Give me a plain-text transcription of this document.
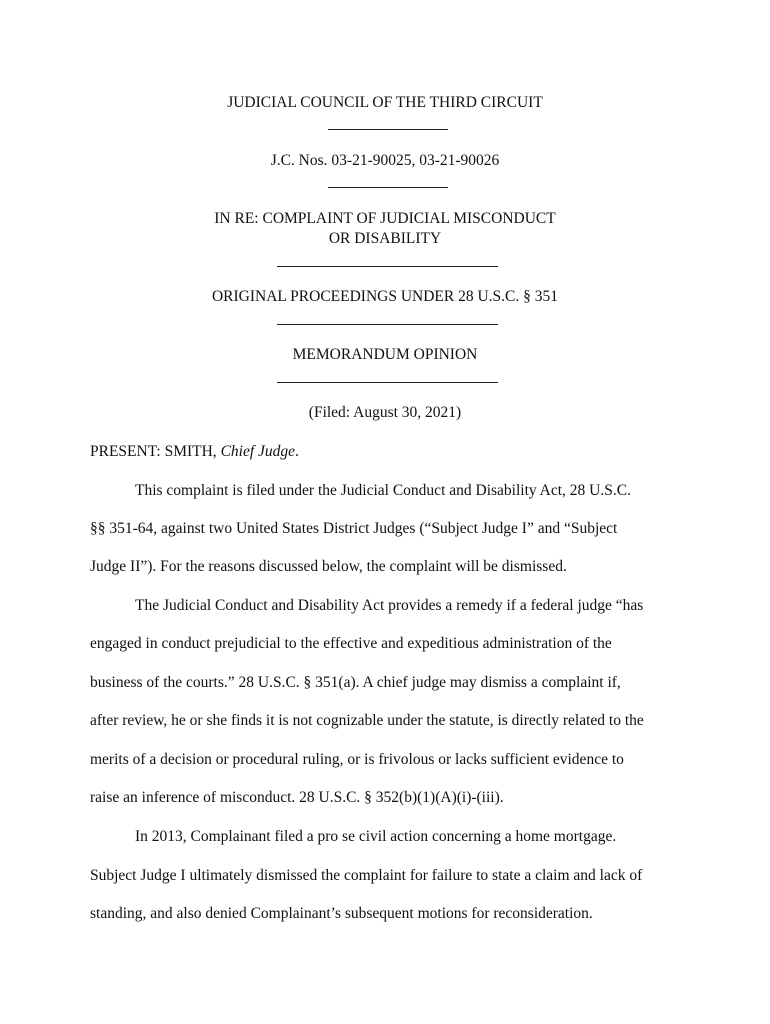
JUDICIAL COUNCIL OF THE THIRD CIRCUIT
J.C. Nos. 03-21-90025, 03-21-90026
IN RE: COMPLAINT OF JUDICIAL MISCONDUCT
OR DISABILITY
ORIGINAL PROCEEDINGS UNDER 28 U.S.C. § 351
MEMORANDUM OPINION
(Filed: August 30, 2021)
PRESENT: SMITH, Chief Judge.
This complaint is filed under the Judicial Conduct and Disability Act, 28 U.S.C.
§§ 351-64, against two United States District Judges (“Subject Judge I” and “Subject
Judge II”). For the reasons discussed below, the complaint will be dismissed.
The Judicial Conduct and Disability Act provides a remedy if a federal judge “has
engaged in conduct prejudicial to the effective and expeditious administration of the
business of the courts.” 28 U.S.C. § 351(a). A chief judge may dismiss a complaint if,
after review, he or she finds it is not cognizable under the statute, is directly related to the
merits of a decision or procedural ruling, or is frivolous or lacks sufficient evidence to
raise an inference of misconduct. 28 U.S.C. § 352(b)(1)(A)(i)-(iii).
In 2013, Complainant filed a pro se civil action concerning a home mortgage.
Subject Judge I ultimately dismissed the complaint for failure to state a claim and lack of
standing, and also denied Complainant’s subsequent motions for reconsideration.
